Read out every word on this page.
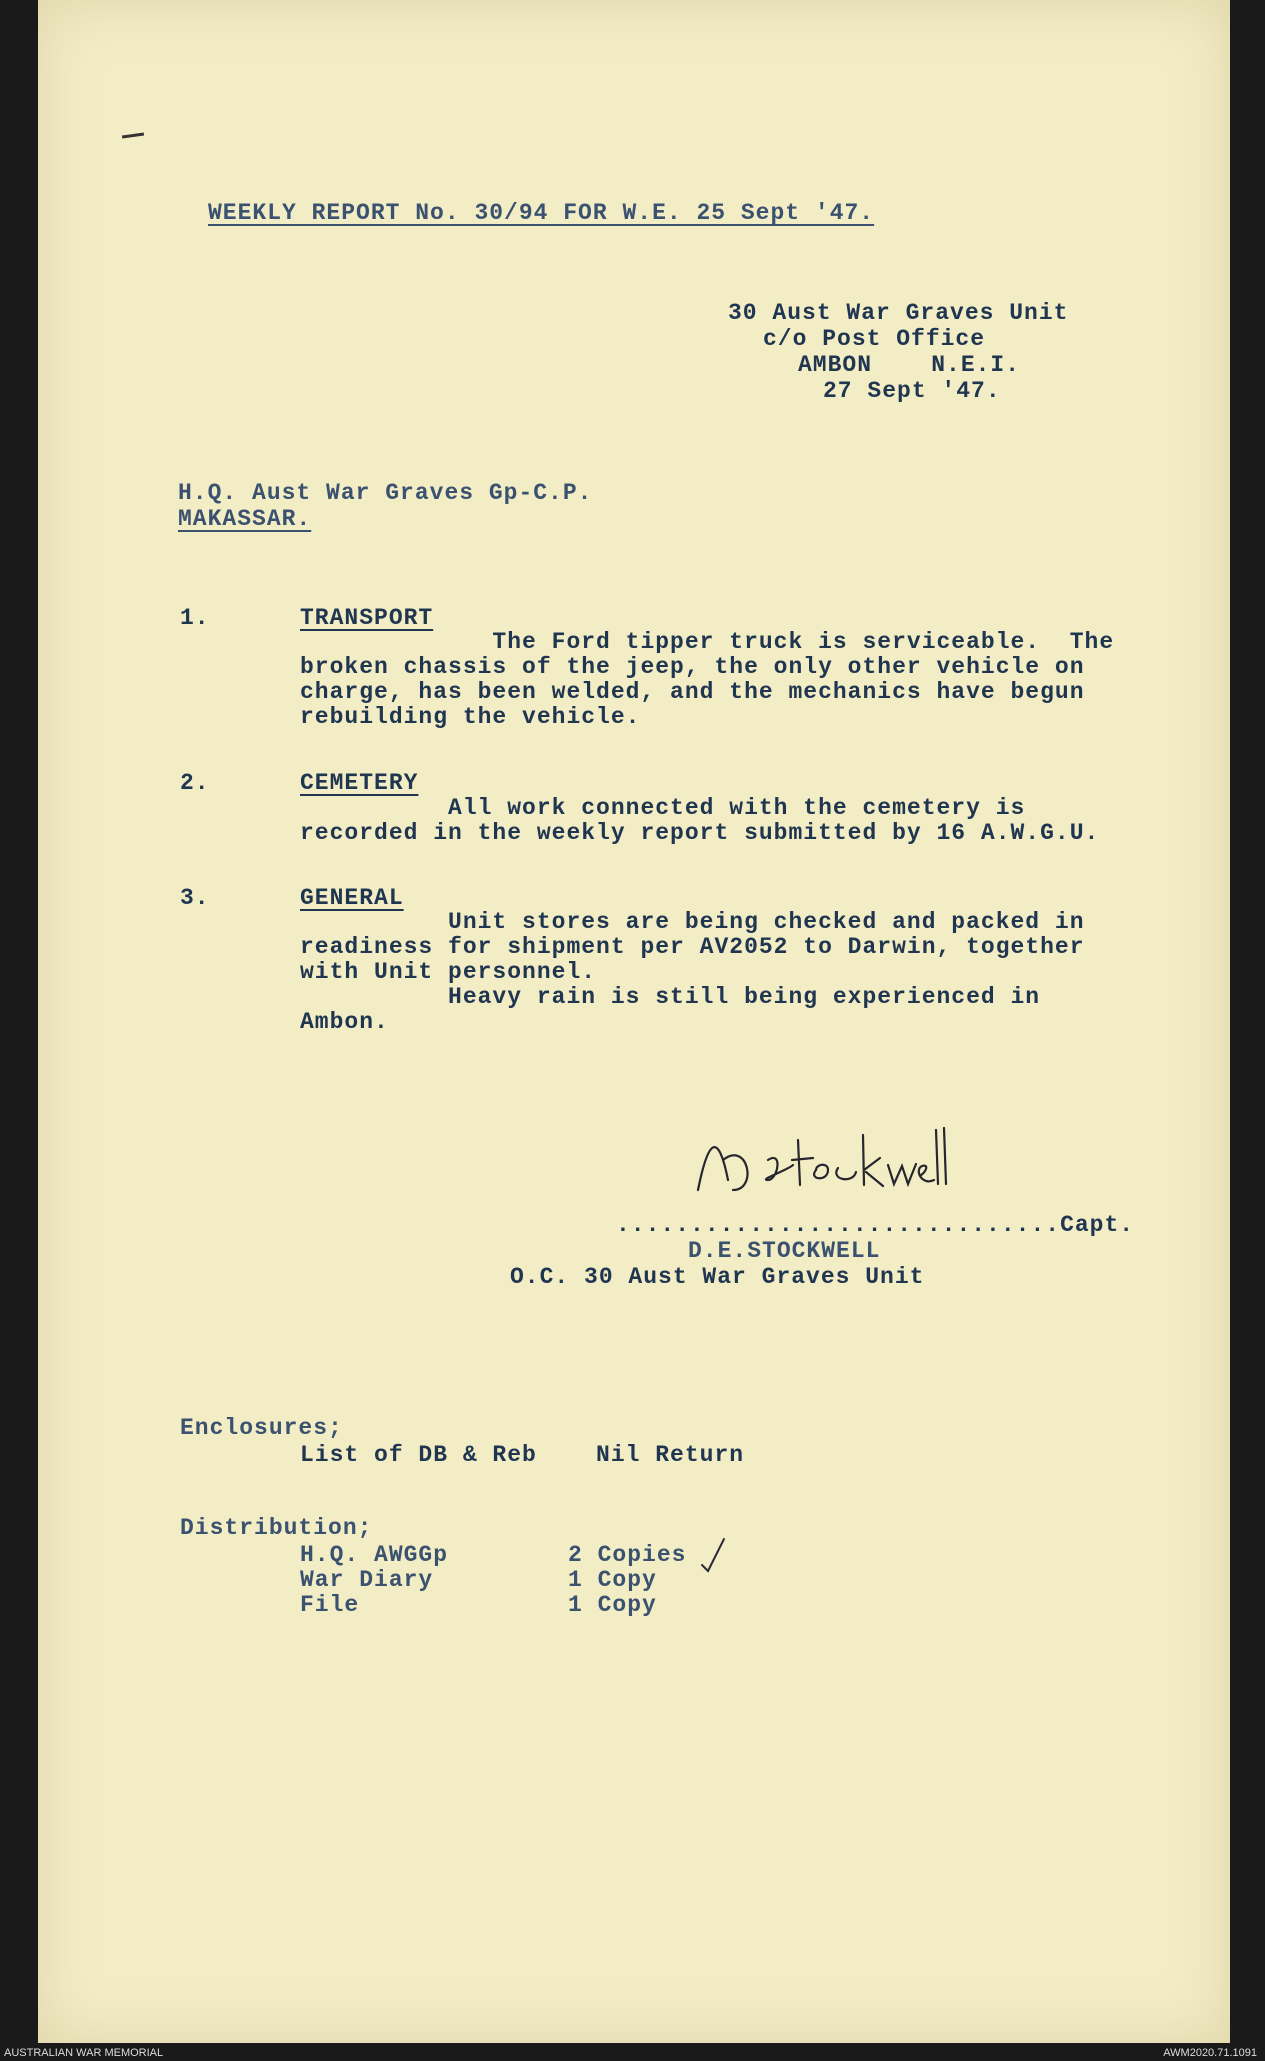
WEEKLY REPORT No. 30/94 FOR W.E. 25 Sept '47.
30 Aust War Graves Unit
c/o Post Office
AMBON    N.E.I.
27 Sept '47.
H.Q. Aust War Graves Gp-C.P.
MAKASSAR.
1.	TRANSPORT
The Ford tipper truck is serviceable.  The
broken chassis of the jeep, the only other vehicle on
charge, has been welded, and the mechanics have begun
rebuilding the vehicle.
2.	CEMETERY
All work connected with the cemetery is
recorded in the weekly report submitted by 16 A.W.G.U.
3.	GENERAL
Unit stores are being checked and packed in
readiness for shipment per AV2052 to Darwin, together
with Unit personnel.
Heavy rain is still being experienced in
Ambon.
..............................Capt.
D.E.STOCKWELL
O.C. 30 Aust War Graves Unit
Enclosures;
List of DB & Reb    Nil Return
Distribution;
H.Q. AWGGp	2 Copies
War Diary	1 Copy
File	1 Copy
AUSTRALIAN WAR MEMORIAL	AWM2020.71.1091
